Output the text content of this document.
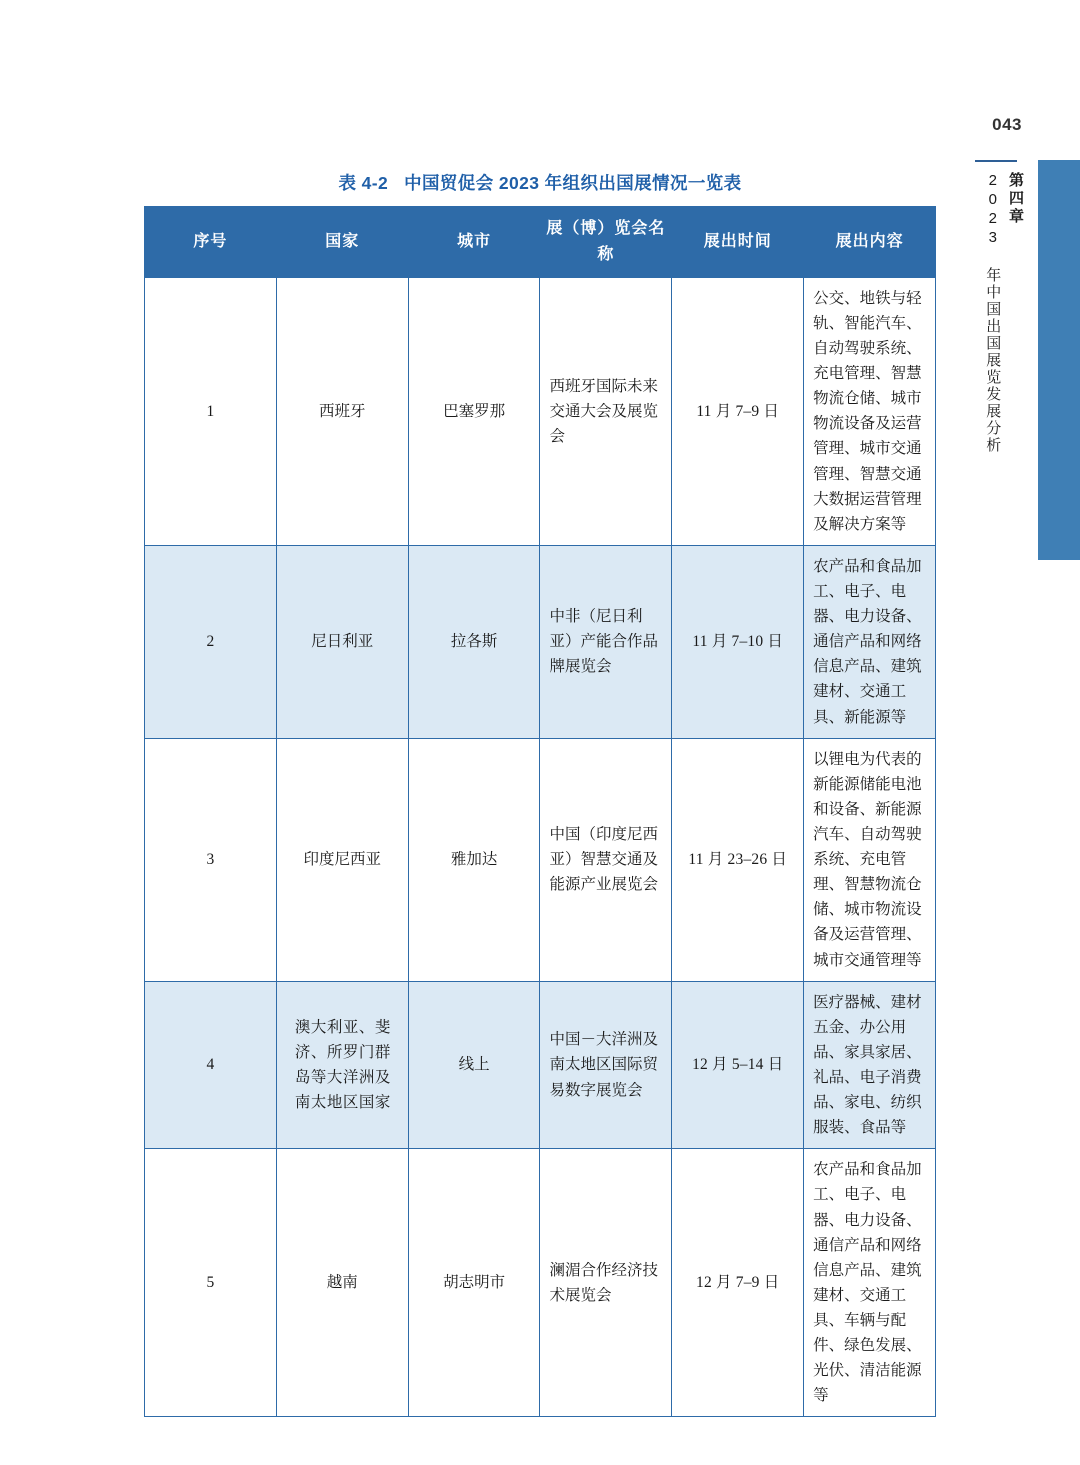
043
第四章
2023 年中国出国展览发展分析
表 4-2 中国贸促会 2023 年组织出国展情况一览表
序号	国家	城市	展（博）览会名称	展出时间	展出内容
1	西班牙	巴塞罗那	西班牙国际未来交通大会及展览会	11 月 7–9 日	公交、地铁与轻轨、智能汽车、自动驾驶系统、充电管理、智慧物流仓储、城市物流设备及运营管理、城市交通管理、智慧交通大数据运营管理及解决方案等
2	尼日利亚	拉各斯	中非（尼日利亚）产能合作品牌展览会	11 月 7–10 日	农产品和食品加工、电子、电器、电力设备、通信产品和网络信息产品、建筑建材、交通工具、新能源等
3	印度尼西亚	雅加达	中国（印度尼西亚）智慧交通及能源产业展览会	11 月 23–26 日	以锂电为代表的新能源储能电池和设备、新能源汽车、自动驾驶系统、充电管理、智慧物流仓储、城市物流设备及运营管理、城市交通管理等
4	澳大利亚、斐济、所罗门群岛等大洋洲及南太地区国家	线上	中国－大洋洲及南太地区国际贸易数字展览会	12 月 5–14 日	医疗器械、建材五金、办公用品、家具家居、礼品、电子消费品、家电、纺织服装、食品等
5	越南	胡志明市	澜湄合作经济技术展览会	12 月 7–9 日	农产品和食品加工、电子、电器、电力设备、通信产品和网络信息产品、建筑建材、交通工具、车辆与配件、绿色发展、光伏、清洁能源等
